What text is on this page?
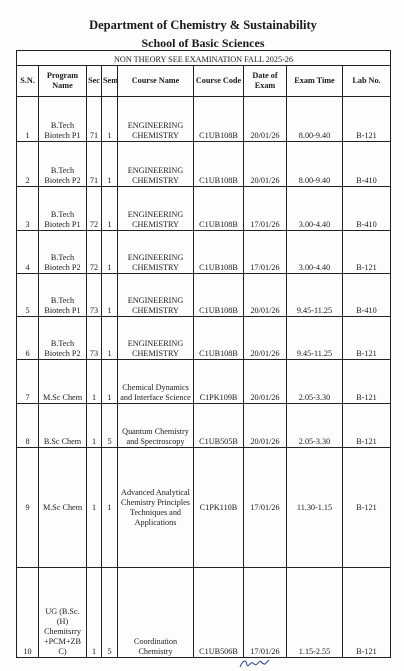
Department of Chemistry & Sustainability
School of Basic Sciences
NON THEORY SEE EXAMINATION FALL 2025-26								
S.N.	Program Name	Sec	Sem	Course Name	Course Code	Date of Exam	Exam Time	Lab No.
1	B.Tech Biotech P1	71	1	ENGINEERING CHEMISTRY	C1UB108B	20/01/26	8.00-9.40	B-121
2	B.Tech Biotech P2	71	1	ENGINEERING CHEMISTRY	C1UB108B	20/01/26	8.00-9.40	B-410
3	B.Tech Biotech P1	72	1	ENGINEERING CHEMISTRY	C1UB108B	17/01/26	3.00-4.40	B-410
4	B.Tech Biotech P2	72	1	ENGINEERING CHEMISTRY	C1UB108B	17/01/26	3.00-4.40	B-121
5	B.Tech Biotech P1	73	1	ENGINEERING CHEMISTRY	C1UB108B	20/01/26	9.45-11.25	B-410
6	B.Tech Biotech P2	73	1	ENGINEERING CHEMISTRY	C1UB108B	20/01/26	9.45-11.25	B-121
7	M.Sc Chem	1	1	Chemical Dynamics and Interface Science	C1PK109B	20/01/26	2.05-3.30	B-121
8	B.Sc Chem	1	5	Quantum Chemistry and Spectroscopy	C1UB505B	20/01/26	2.05-3.30	B-121
9	M.Sc Chem	1	1	Advanced Analytical Chemistry Principles Techniques and Applications	C1PK110B	17/01/26	11.30-1.15	B-121
10	UG (B.Sc. (H) Chemitsrry +PCM+ZB C)	1	5	Coordination Chemistry	C1UB506B	17/01/26	1.15-2.55	B-121
